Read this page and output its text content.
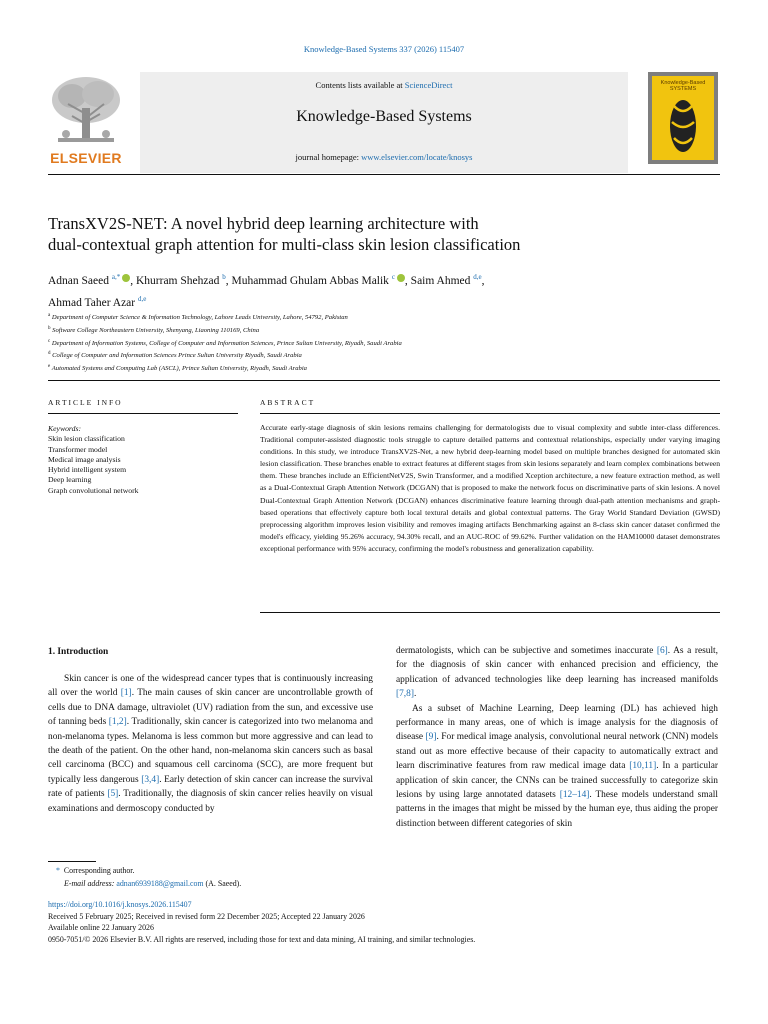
Knowledge-Based Systems 337 (2026) 115407
ELSEVIER
Contents lists available at ScienceDirect
Knowledge-Based Systems
journal homepage: www.elsevier.com/locate/knosys
Knowledge-Based SYSTEMS
TransXV2S-NET: A novel hybrid deep learning architecture with
dual-contextual graph attention for multi-class skin lesion classification
Adnan Saeed $^{a,*}$ , Khurram Shehzad $^b$, Muhammad Ghulam Abbas Malik $^c$ , Saim Ahmed $^{d,e}$,
Ahmad Taher Azar $^{d,e}$
$^a$ Department of Computer Science & Information Technology, Lahore Leads University, Lahore, 54792, Pakistan
$^b$ Software College Northeastern University, Shenyang, Liaoning 110169, China
$^c$ Department of Information Systems, College of Computer and Information Sciences, Prince Sultan University, Riyadh, Saudi Arabia
$^d$ College of Computer and Information Sciences Prince Sultan University Riyadh, Saudi Arabia
$^e$ Automated Systems and Computing Lab (ASCL), Prince Sultan University, Riyadh, Saudi Arabia
ARTICLE INFO
Keywords:
Skin lesion classification
Transformer model
Medical image analysis
Hybrid intelligent system
Deep learning
Graph convolutional network
ABSTRACT
Accurate early-stage diagnosis of skin lesions remains challenging for dermatologists due to visual complexity and subtle inter-class differences. Traditional computer-assisted diagnostic tools struggle to capture detailed patterns and contextual relationships, especially under varying imaging conditions. In this study, we introduce TransXV2S-Net, a new hybrid deep-learning model based on multiple branches designed for automated skin lesion classification. These branches enable to extract features at different stages from skin lesions separately and learn complex combinations between them. These branches include an EfficientNetV2S, Swin Transformer, and a modified Xception architecture, a new feature extraction method, as well as a Dual-Contextual Graph Attention Network (DCGAN) that is proposed to make the network focus on discriminative parts of skin lesions. A novel Dual-Contextual Graph Attention Network (DCGAN) enhances discriminative feature learning through dual-path attention mechanisms and graph-based operations that effectively capture both local textural details and global contextual patterns. The Gray World Standard Deviation (GWSD) preprocessing algorithm improves lesion visibility and removes imaging artifacts Benchmarking against an 8-class skin cancer dataset confirmed the model's efficacy, yielding 95.26% accuracy, 94.30% recall, and an AUC-ROC of 99.62%. Further validation on the HAM10000 dataset demonstrates exceptional performance with 95% accuracy, confirming the model's robustness and generalization capability.
1. Introduction

Skin cancer is one of the widespread cancer types that is continuously increasing all over the world [1]. The main causes of skin cancer are uncontrollable growth of cells due to DNA damage, ultraviolet (UV) radiation from the sun, and excessive use of tanning beds [1,2]. Traditionally, skin cancer is categorized into two melanoma and non-melanoma types. Melanoma is less common but more aggressive and can lead to the death of the patient. On the other hand, non-melanoma skin cancers such as basal cell carcinoma (BCC) and squamous cell carcinoma (SCC), are more frequent but typically less dangerous [3,4]. Early detection of skin cancer can increase the survival rate of patients [5]. Traditionally, the diagnosis of skin cancer relies heavily on visual examinations and dermoscopy conducted by

dermatologists, which can be subjective and sometimes inaccurate [6]. As a result, for the diagnosis of skin cancer with enhanced precision and efficiency, the application of advanced technologies like deep learning has increased manifolds [7,8].

As a subset of Machine Learning, Deep learning (DL) has achieved high performance in many areas, one of which is image analysis for the diagnosis of disease [9]. For medical image analysis, convolutional neural network (CNN) models stand out as more effective because of their capacity to automatically extract and learn discriminative features from raw medical image data [10,11]. In a particular application of skin cancer, the CNNs can be trained successfully to categorize skin lesions by using large annotated datasets [12–14]. These models understand small patterns in the images that might be missed by the human eye, thus aiding the proper distinction between different categories of skin

* Corresponding author.
E-mail address: adnan6939188@gmail.com (A. Saeed).
https://doi.org/10.1016/j.knosys.2026.115407
Received 5 February 2025; Received in revised form 22 December 2025; Accepted 22 January 2026
Available online 22 January 2026
0950-7051/© 2026 Elsevier B.V. All rights are reserved, including those for text and data mining, AI training, and similar technologies.
